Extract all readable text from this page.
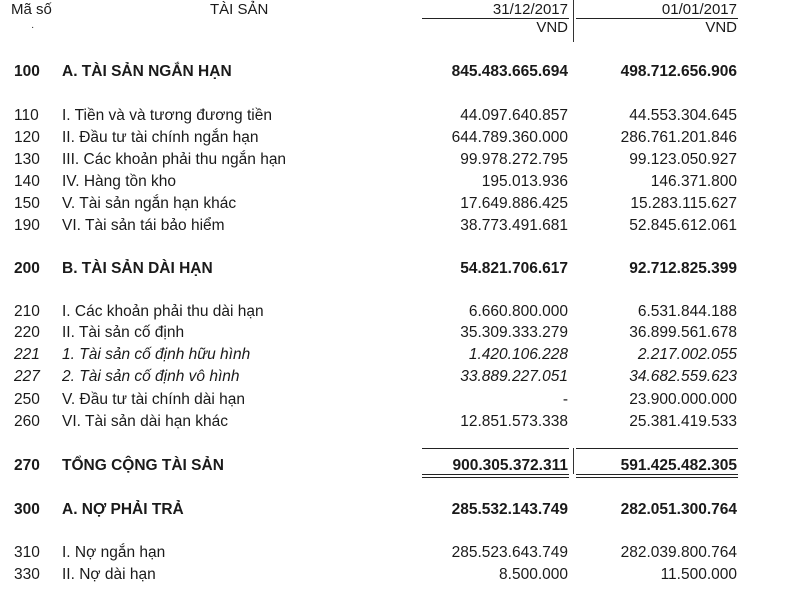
Mã số	TÀI SẢN	31/12/2017	01/01/2017
VND	VND
·
100 A. TÀI SẢN NGẮN HẠN	845.483.665.694	498.712.656.906
110 I. Tiền và và tương đương tiền	44.097.640.857	44.553.304.645
120 II. Đầu tư tài chính ngắn hạn	644.789.360.000	286.761.201.846
130 III. Các khoản phải thu ngắn hạn	99.978.272.795	99.123.050.927
140 IV. Hàng tồn kho	195.013.936	146.371.800
150 V. Tài sản ngắn hạn khác	17.649.886.425	15.283.115.627
190 VI. Tài sản tái bảo hiểm	38.773.491.681	52.845.612.061
200 B. TÀI SẢN DÀI HẠN	54.821.706.617	92.712.825.399
210 I. Các khoản phải thu dài hạn	6.660.800.000	6.531.844.188
220 II. Tài sản cố định	35.309.333.279	36.899.561.678
221 1. Tài sản cố định hữu hình	1.420.106.228	2.217.002.055
227 2. Tài sản cố định vô hình	33.889.227.051	34.682.559.623
250 V. Đầu tư tài chính dài hạn	-	23.900.000.000
260 VI. Tài sản dài hạn khác	12.851.573.338	25.381.419.533
270 TỔNG CỘNG TÀI SẢN	900.305.372.311	591.425.482.305
300 A. NỢ PHẢI TRẢ	285.532.143.749	282.051.300.764
310 I. Nợ ngắn hạn	285.523.643.749	282.039.800.764
330 II. Nợ dài hạn	8.500.000	11.500.000
